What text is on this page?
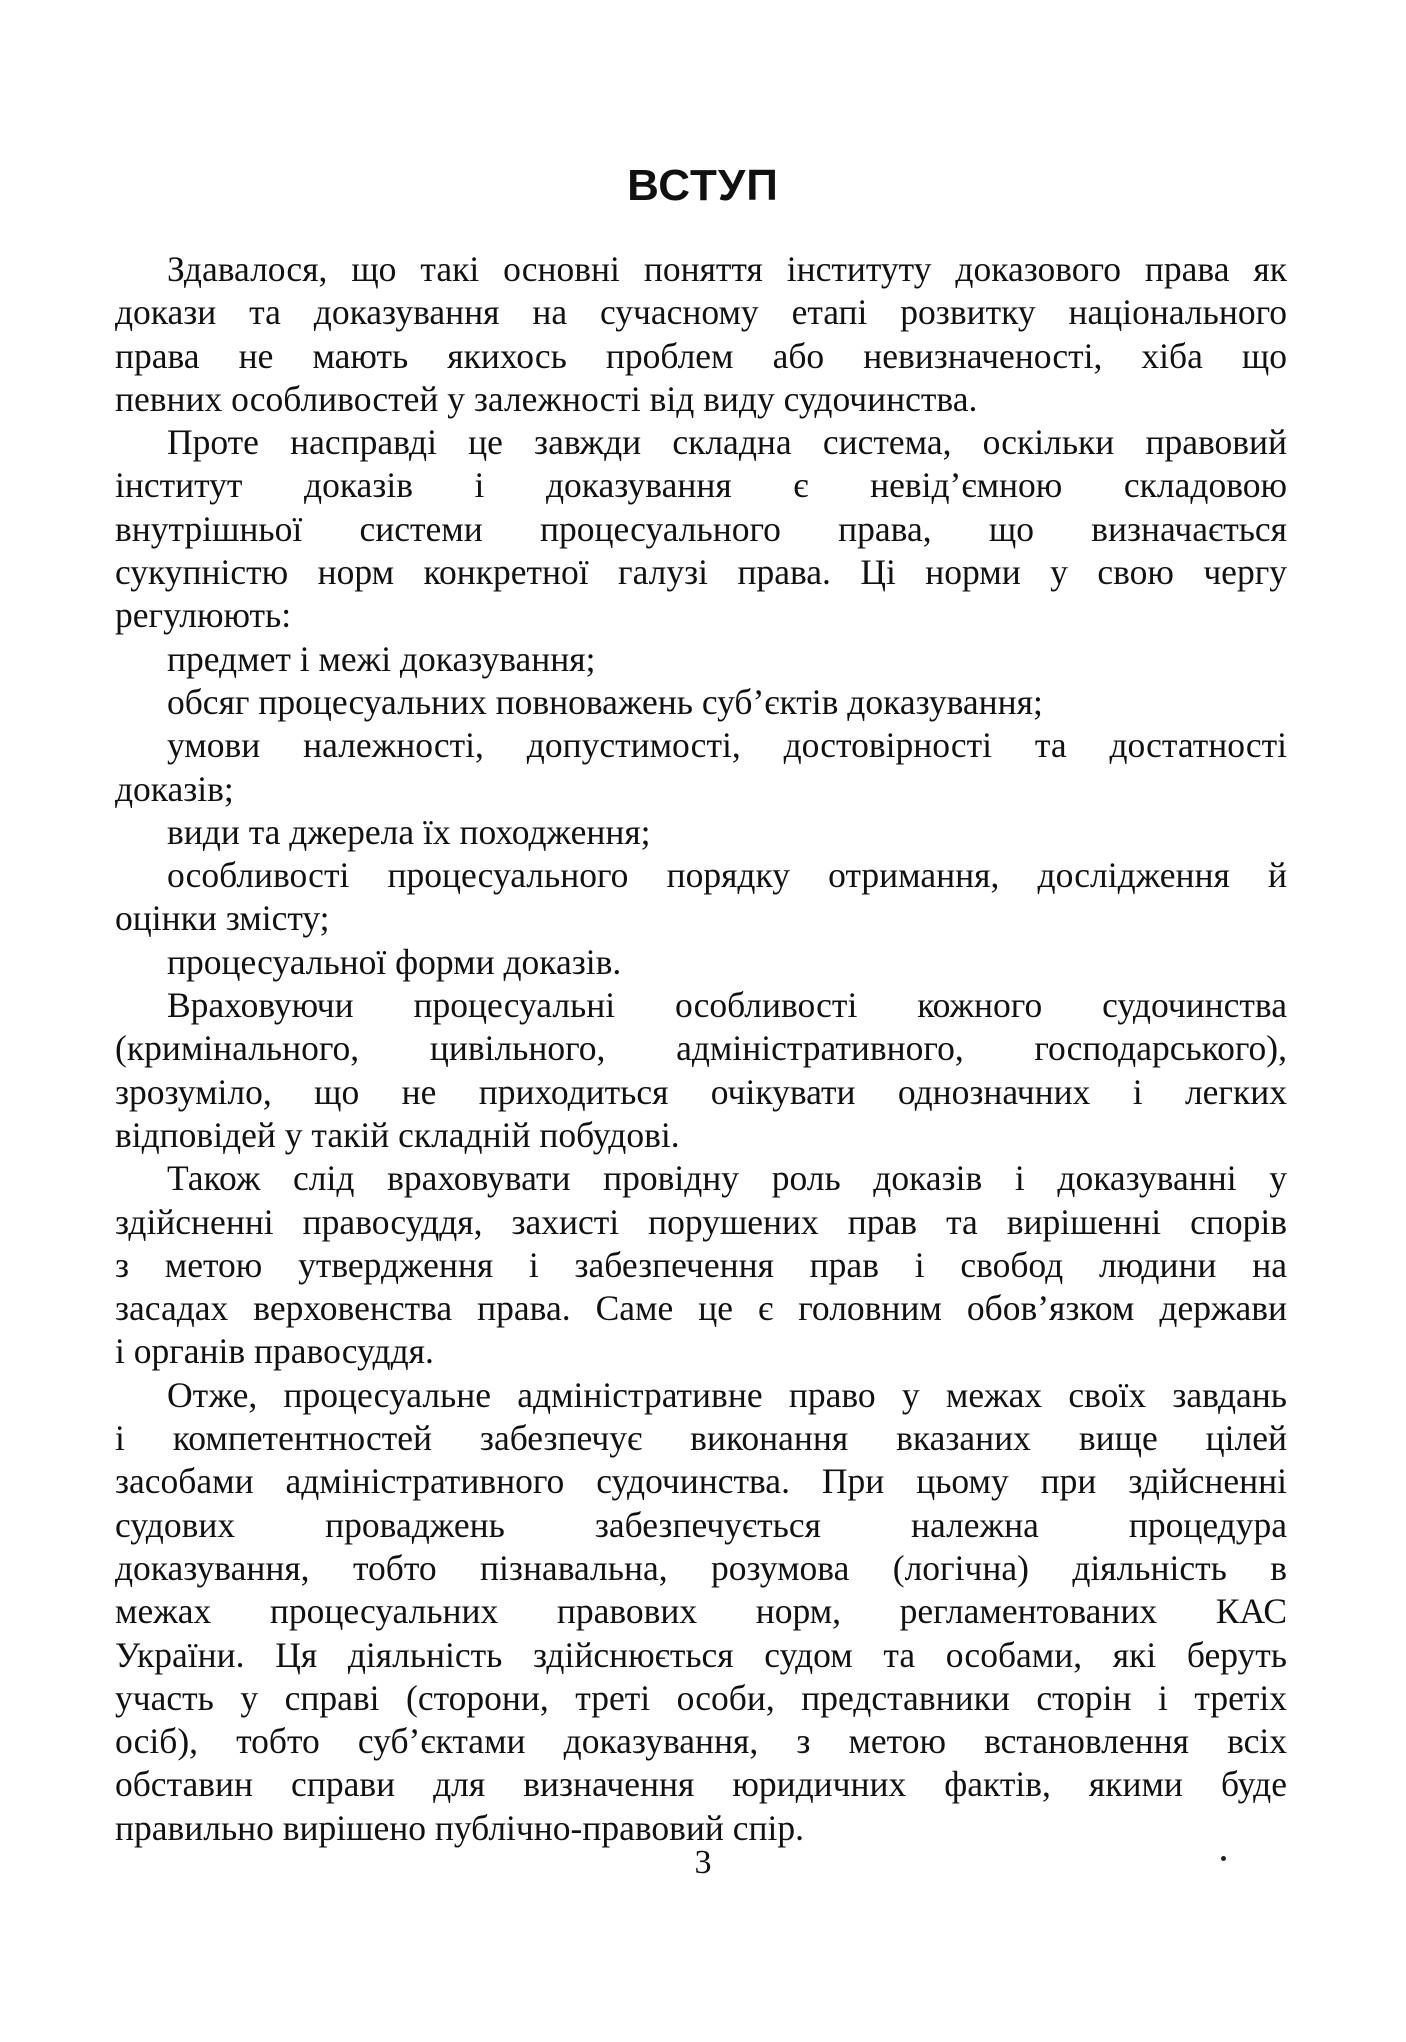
ВСТУП
Здавалося, що такі основні поняття інституту доказового права як
докази та доказування на сучасному етапі розвитку національного
права не мають якихось проблем або невизначеності, хіба що
певних особливостей у залежності від виду судочинства.
Проте насправді це завжди складна система, оскільки правовий
інститут доказів і доказування є невід’ємною складовою
внутрішньої системи процесуального права, що визначається
сукупністю норм конкретної галузі права. Ці норми у свою чергу
регулюють:
предмет і межі доказування;
обсяг процесуальних повноважень суб’єктів доказування;
умови належності, допустимості, достовірності та достатності
доказів;
види та джерела їх походження;
особливості процесуального порядку отримання, дослідження й
оцінки змісту;
процесуальної форми доказів.
Враховуючи процесуальні особливості кожного судочинства
(кримінального, цивільного, адміністративного, господарського),
зрозуміло, що не приходиться очікувати однозначних і легких
відповідей у такій складній побудові.
Також слід враховувати провідну роль доказів і доказуванні у
здійсненні правосуддя, захисті порушених прав та вирішенні спорів
з метою утвердження і забезпечення прав і свобод людини на
засадах верховенства права. Саме це є головним обов’язком держави
і органів правосуддя.
Отже, процесуальне адміністративне право у межах своїх завдань
і компетентностей забезпечує виконання вказаних вище цілей
засобами адміністративного судочинства. При цьому при здійсненні
судових проваджень забезпечується належна процедура
доказування, тобто пізнавальна, розумова (логічна) діяльність в
межах процесуальних правових норм, регламентованих КАС
України. Ця діяльність здійснюється судом та особами, які беруть
участь у справі (сторони, треті особи, представники сторін і третіх
осіб), тобто суб’єктами доказування, з метою встановлення всіх
обставин справи для визначення юридичних фактів, якими буде
правильно вирішено публічно-правовий спір.
3
